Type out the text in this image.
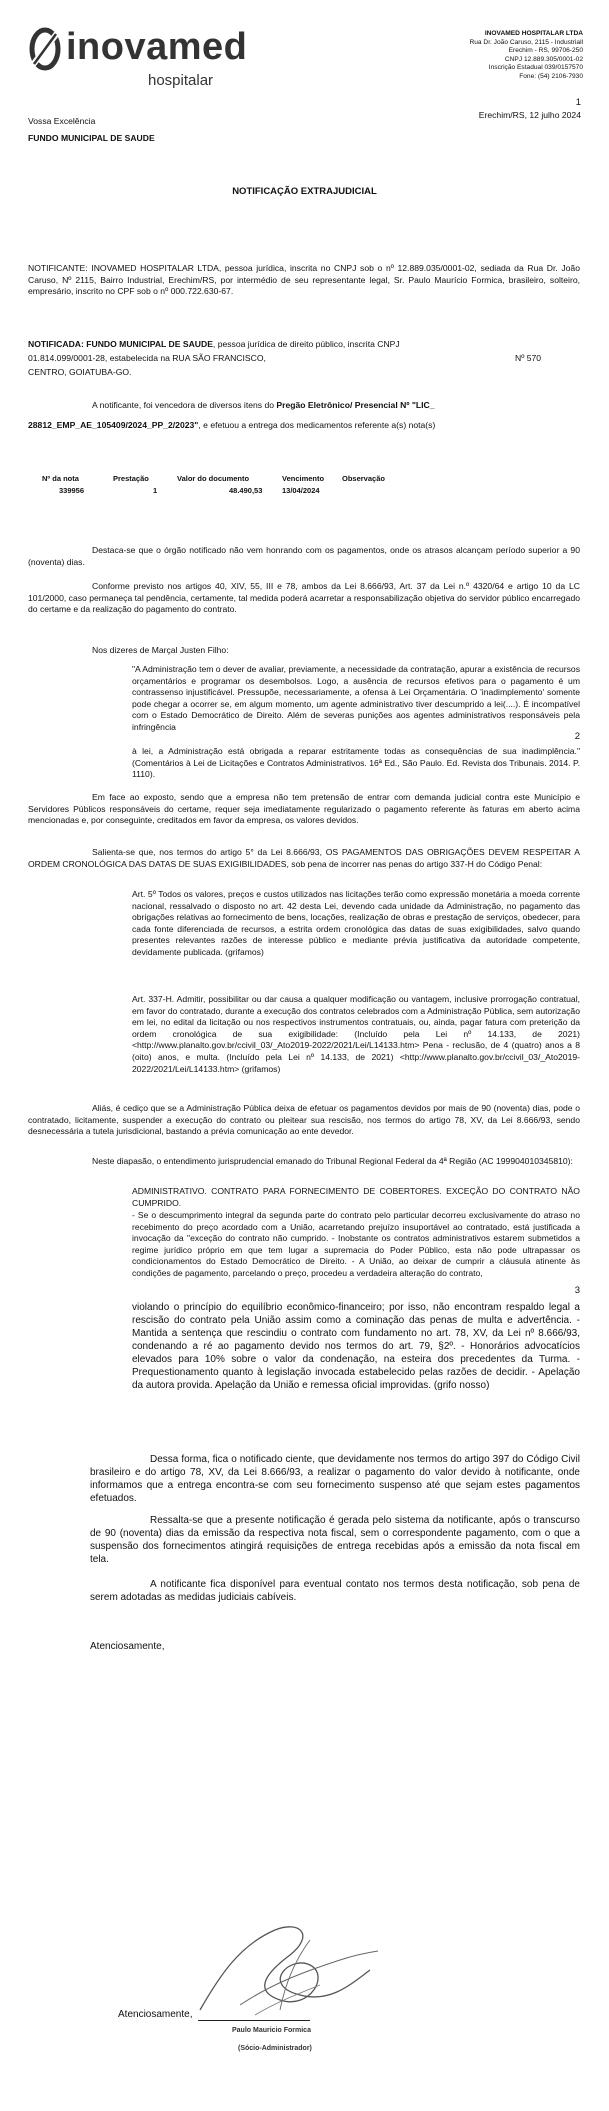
inovamed
hospitalar
INOVAMED HOSPITALAR LTDA
Rua Dr. João Caruso, 2115 - Industriall
Erechim - RS, 99706-250
CNPJ 12.889.305/0001-02
Inscrição Estadual 039/0157570
Fone: (54) 2106-7930
1
Vossa Excelência
Erechim/RS, 12 julho 2024
FUNDO MUNICIPAL DE SAUDE
NOTIFICAÇÃO EXTRAJUDICIAL

NOTIFICANTE: INOVAMED HOSPITALAR LTDA, pessoa jurídica, inscrita no CNPJ sob o nº 12.889.035/0001-02, sediada da Rua Dr. João Caruso, Nº 2115, Bairro Industrial, Erechim/RS, por intermédio de seu representante legal, Sr. Paulo Maurício Formica, brasileiro, solteiro, empresário, inscrito no CPF sob o nº 000.722.630-67.

NOTIFICADA: FUNDO MUNICIPAL DE SAUDE, pessoa jurídica de direito público, inscrita CNPJ
01.814.099/0001-28, estabelecida na RUA SÃO FRANCISCO,	Nº 570
CENTRO, GOIATUBA-GO.
A notificante, foi vencedora de diversos itens do Pregão Eletrônico/ Presencial Nº "LIC_
28812_EMP_AE_105409/2024_PP_2/2023", e efetuou a entrega dos medicamentos referente a(s) nota(s)
Nº da nota	Prestação	Valor do documento	Vencimento Observação
339956	1	48.490,53	13/04/2024

Destaca-se que o órgão notificado não vem honrando com os pagamentos, onde os atrasos alcançam período superior a 90 (noventa) dias.

Conforme previsto nos artigos 40, XIV, 55, III e 78, ambos da Lei 8.666/93, Art. 37 da Lei n.º 4320/64 e artigo 10 da LC 101/2000, caso permaneça tal pendência, certamente, tal medida poderá acarretar a responsabilização objetiva do servidor público encarregado do certame e da realização do pagamento do contrato.

Nos dizeres de Marçal Justen Filho:

"A Administração tem o dever de avaliar, previamente, a necessidade da contratação, apurar a existência de recursos orçamentários e programar os desembolsos. Logo, a ausência de recursos efetivos para o pagamento é um contrassenso injustificável. Pressupõe, necessariamente, a ofensa à Lei Orçamentária. O 'inadimplemento' somente pode chegar a ocorrer se, em algum momento, um agente administrativo tiver descumprido a lei(....). É incompatível com o Estado Democrático de Direito. Além de severas punições aos agentes administrativos responsáveis pela infringência

2

à lei, a Administração está obrigada a reparar estritamente todas as consequências de sua inadimplência." (Comentários à Lei de Licitações e Contratos Administrativos. 16ª Ed., São Paulo. Ed. Revista dos Tribunais. 2014. P. 1110).

Em face ao exposto, sendo que a empresa não tem pretensão de entrar com demanda judicial contra este Município e Servidores Públicos responsáveis do certame, requer seja imediatamente regularizado o pagamento referente às faturas em aberto acima mencionadas e, por conseguinte, creditados em favor da empresa, os valores devidos.

Salienta-se que, nos termos do artigo 5° da Lei 8.666/93, OS PAGAMENTOS DAS OBRIGAÇÕES DEVEM RESPEITAR A ORDEM CRONOLÓGICA DAS DATAS DE SUAS EXIGIBILIDADES, sob pena de incorrer nas penas do artigo 337-H do Código Penal:

Art. 5º Todos os valores, preços e custos utilizados nas licitações terão como expressão monetária a moeda corrente nacional, ressalvado o disposto no art. 42 desta Lei, devendo cada unidade da Administração, no pagamento das obrigações relativas ao fornecimento de bens, locações, realização de obras e prestação de serviços, obedecer, para cada fonte diferenciada de recursos, a estrita ordem cronológica das datas de suas exigibilidades, salvo quando presentes relevantes razões de interesse público e mediante prévia justificativa da autoridade competente, devidamente publicada. (grifamos)

Art. 337-H. Admitir, possibilitar ou dar causa a qualquer modificação ou vantagem, inclusive prorrogação contratual, em favor do contratado, durante a execução dos contratos celebrados com a Administração Pública, sem autorização em lei, no edital da licitação ou nos respectivos instrumentos contratuais, ou, ainda, pagar fatura com preterição da ordem cronológica de sua exigibilidade: (Incluído pela Lei nº 14.133, de 2021) <http://www.planalto.gov.br/ccivil_03/_Ato2019-2022/2021/Lei/L14133.htm> Pena - reclusão, de 4 (quatro) anos a 8 (oito) anos, e multa. (Incluído pela Lei nº 14.133, de 2021) <http://www.planalto.gov.br/ccivil_03/_Ato2019-2022/2021/Lei/L14133.htm> (grifamos)

Aliás, é cediço que se a Administração Pública deixa de efetuar os pagamentos devidos por mais de 90 (noventa) dias, pode o contratado, licitamente, suspender a execução do contrato ou pleitear sua rescisão, nos termos do artigo 78, XV, da Lei 8.666/93, sendo desnecessária a tutela jurisdicional, bastando a prévia comunicação ao ente devedor.

Neste diapasão, o entendimento jurisprudencial emanado do Tribunal Regional Federal da 4ª Região (AC 199904010345810):

ADMINISTRATIVO. CONTRATO PARA FORNECIMENTO DE COBERTORES. EXCEÇÃO DO CONTRATO NÃO CUMPRIDO.

- Se o descumprimento integral da segunda parte do contrato pelo particular decorreu exclusivamente do atraso no recebimento do preço acordado com a União, acarretando prejuízo insuportável ao contratado, está justificada a invocação da "exceção do contrato não cumprido. - Inobstante os contratos administrativos estarem submetidos a regime jurídico próprio em que tem lugar a supremacia do Poder Público, esta não pode ultrapassar os condicionamentos do Estado Democrático de Direito. - A União, ao deixar de cumprir a cláusula atinente às condições de pagamento, parcelando o preço, procedeu a verdadeira alteração do contrato,

3

violando o princípio do equilíbrio econômico-financeiro; por isso, não encontram respaldo legal a rescisão do contrato pela União assim como a cominação das penas de multa e advertência. - Mantida a sentença que rescindiu o contrato com fundamento no art. 78, XV, da Lei nº 8.666/93, condenando a ré ao pagamento devido nos termos do art. 79, §2º. - Honorários advocatícios elevados para 10% sobre o valor da condenação, na esteira dos precedentes da Turma. - Prequestionamento quanto à legislação invocada estabelecido pelas razões de decidir. - Apelação da autora provida. Apelação da União e remessa oficial improvidas. (grifo nosso)

Dessa forma, fica o notificado ciente, que devidamente nos termos do artigo 397 do Código Civil brasileiro e do artigo 78, XV, da Lei 8.666/93, a realizar o pagamento do valor devido à notificante, onde informamos que a entrega encontra-se com seu fornecimento suspenso até que sejam estes pagamentos efetuados.

Ressalta-se que a presente notificação é gerada pelo sistema da notificante, após o transcurso de 90 (noventa) dias da emissão da respectiva nota fiscal, sem o correspondente pagamento, com o que a suspensão dos fornecimentos atingirá requisições de entrega recebidas após a emissão da nota fiscal em tela.

A notificante fica disponível para eventual contato nos termos desta notificação, sob pena de serem adotadas as medidas judiciais cabíveis.

Atenciosamente,
Atenciosamente,
Paulo Mauricio Formica
(Sócio-Administrador)
